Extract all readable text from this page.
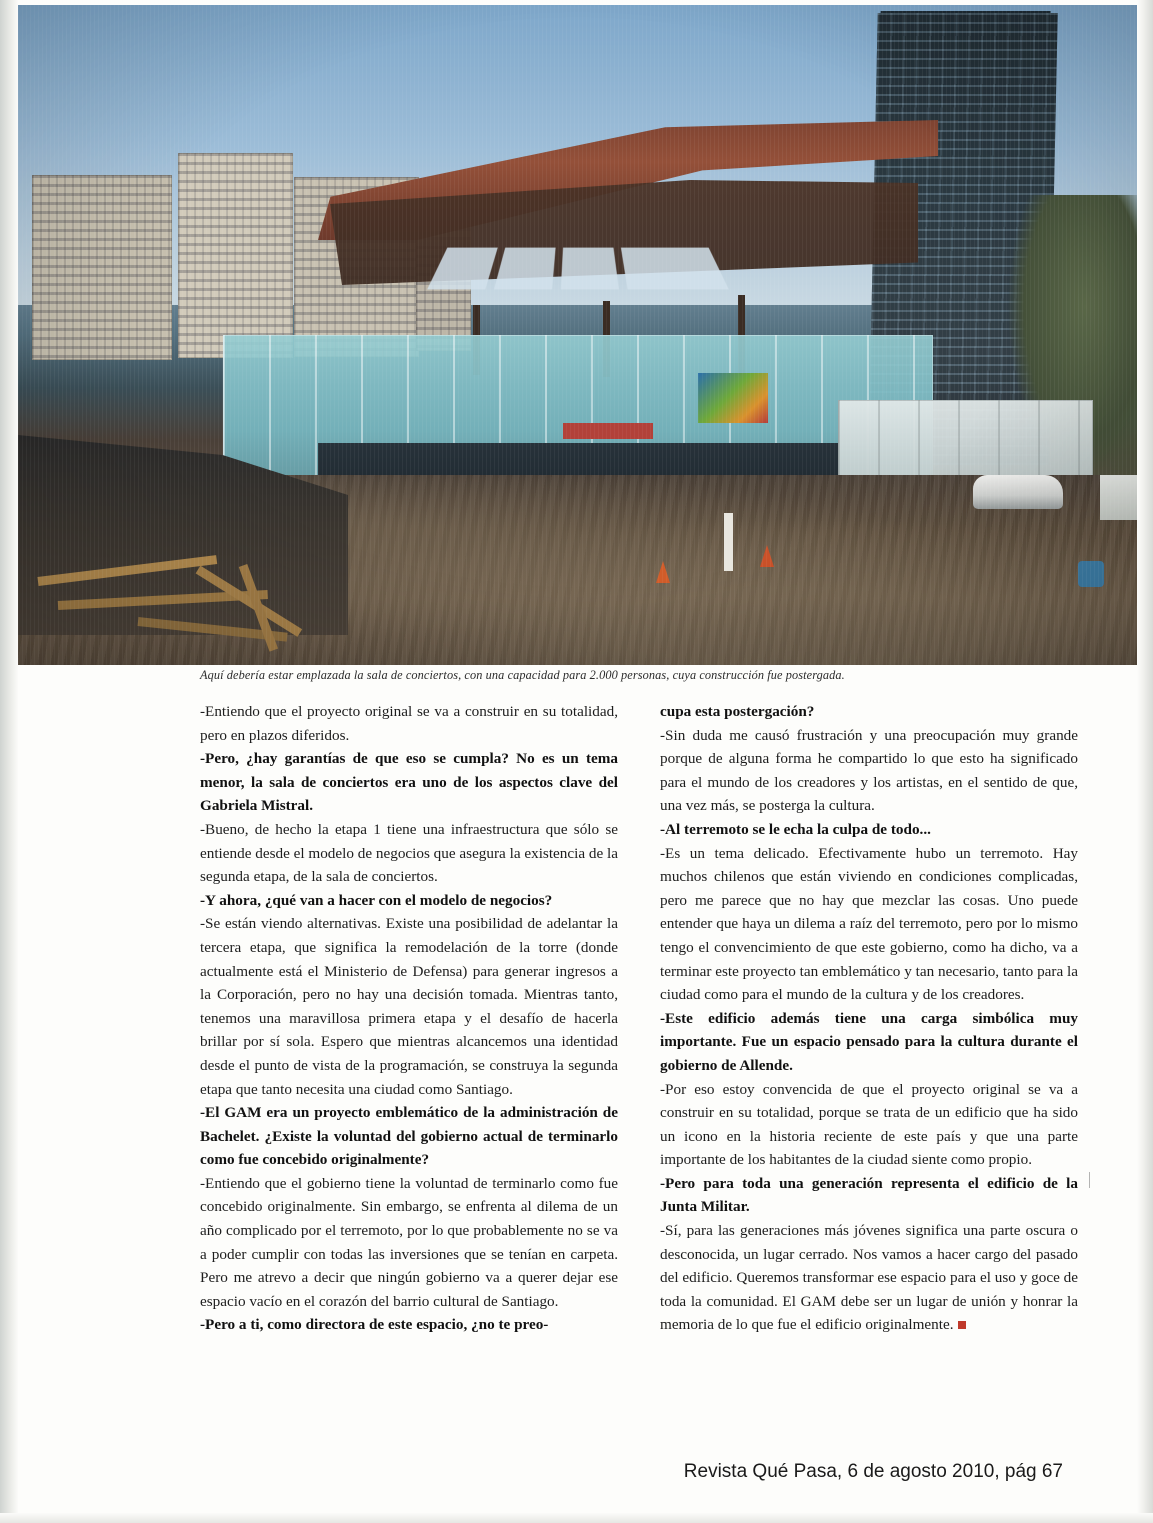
Aquí debería estar emplazada la sala de conciertos, con una capacidad para 2.000 personas, cuya construcción fue postergada.

-Entiendo que el proyecto original se va a construir en su totalidad, pero en plazos diferidos.

-Pero, ¿hay garantías de que eso se cumpla? No es un tema menor, la sala de conciertos era uno de los aspectos clave del Gabriela Mistral.

-Bueno, de hecho la etapa 1 tiene una infraestructura que sólo se entiende desde el modelo de negocios que asegura la existencia de la segunda etapa, de la sala de conciertos.

-Y ahora, ¿qué van a hacer con el modelo de negocios?

-Se están viendo alternativas. Existe una posibilidad de adelantar la tercera etapa, que significa la remodelación de la torre (donde actualmente está el Ministerio de Defensa) para generar ingresos a la Corporación, pero no hay una decisión tomada. Mientras tanto, tenemos una maravillosa primera etapa y el desafío de hacerla brillar por sí sola. Espero que mientras alcancemos una identidad desde el punto de vista de la programación, se construya la segunda etapa que tanto necesita una ciudad como Santiago.

-El GAM era un proyecto emblemático de la administración de Bachelet. ¿Existe la voluntad del gobierno actual de terminarlo como fue concebido originalmente?

-Entiendo que el gobierno tiene la voluntad de terminarlo como fue concebido originalmente. Sin embargo, se enfrenta al dilema de un año complicado por el terremoto, por lo que probablemente no se va a poder cumplir con todas las inversiones que se tenían en carpeta. Pero me atrevo a decir que ningún gobierno va a querer dejar ese espacio vacío en el corazón del barrio cultural de Santiago.

-Pero a ti, como directora de este espacio, ¿no te preo-

cupa esta postergación?

-Sin duda me causó frustración y una preocupación muy grande porque de alguna forma he compartido lo que esto ha significado para el mundo de los creadores y los artistas, en el sentido de que, una vez más, se posterga la cultura.

-Al terremoto se le echa la culpa de todo...

-Es un tema delicado. Efectivamente hubo un terremoto. Hay muchos chilenos que están viviendo en condiciones complicadas, pero me parece que no hay que mezclar las cosas. Uno puede entender que haya un dilema a raíz del terremoto, pero por lo mismo tengo el convencimiento de que este gobierno, como ha dicho, va a terminar este proyecto tan emblemático y tan necesario, tanto para la ciudad como para el mundo de la cultura y de los creadores.

-Este edificio además tiene una carga simbólica muy importante. Fue un espacio pensado para la cultura durante el gobierno de Allende.

-Por eso estoy convencida de que el proyecto original se va a construir en su totalidad, porque se trata de un edificio que ha sido un icono en la historia reciente de este país y que una parte importante de los habitantes de la ciudad siente como propio.

-Pero para toda una generación representa el edificio de la Junta Militar.

-Sí, para las generaciones más jóvenes significa una parte oscura o desconocida, un lugar cerrado. Nos vamos a hacer cargo del pasado del edificio. Queremos transformar ese espacio para el uso y goce de toda la comunidad. El GAM debe ser un lugar de unión y honrar la memoria de lo que fue el edificio originalmente.

Revista Qué Pasa, 6 de agosto 2010, pág 67
